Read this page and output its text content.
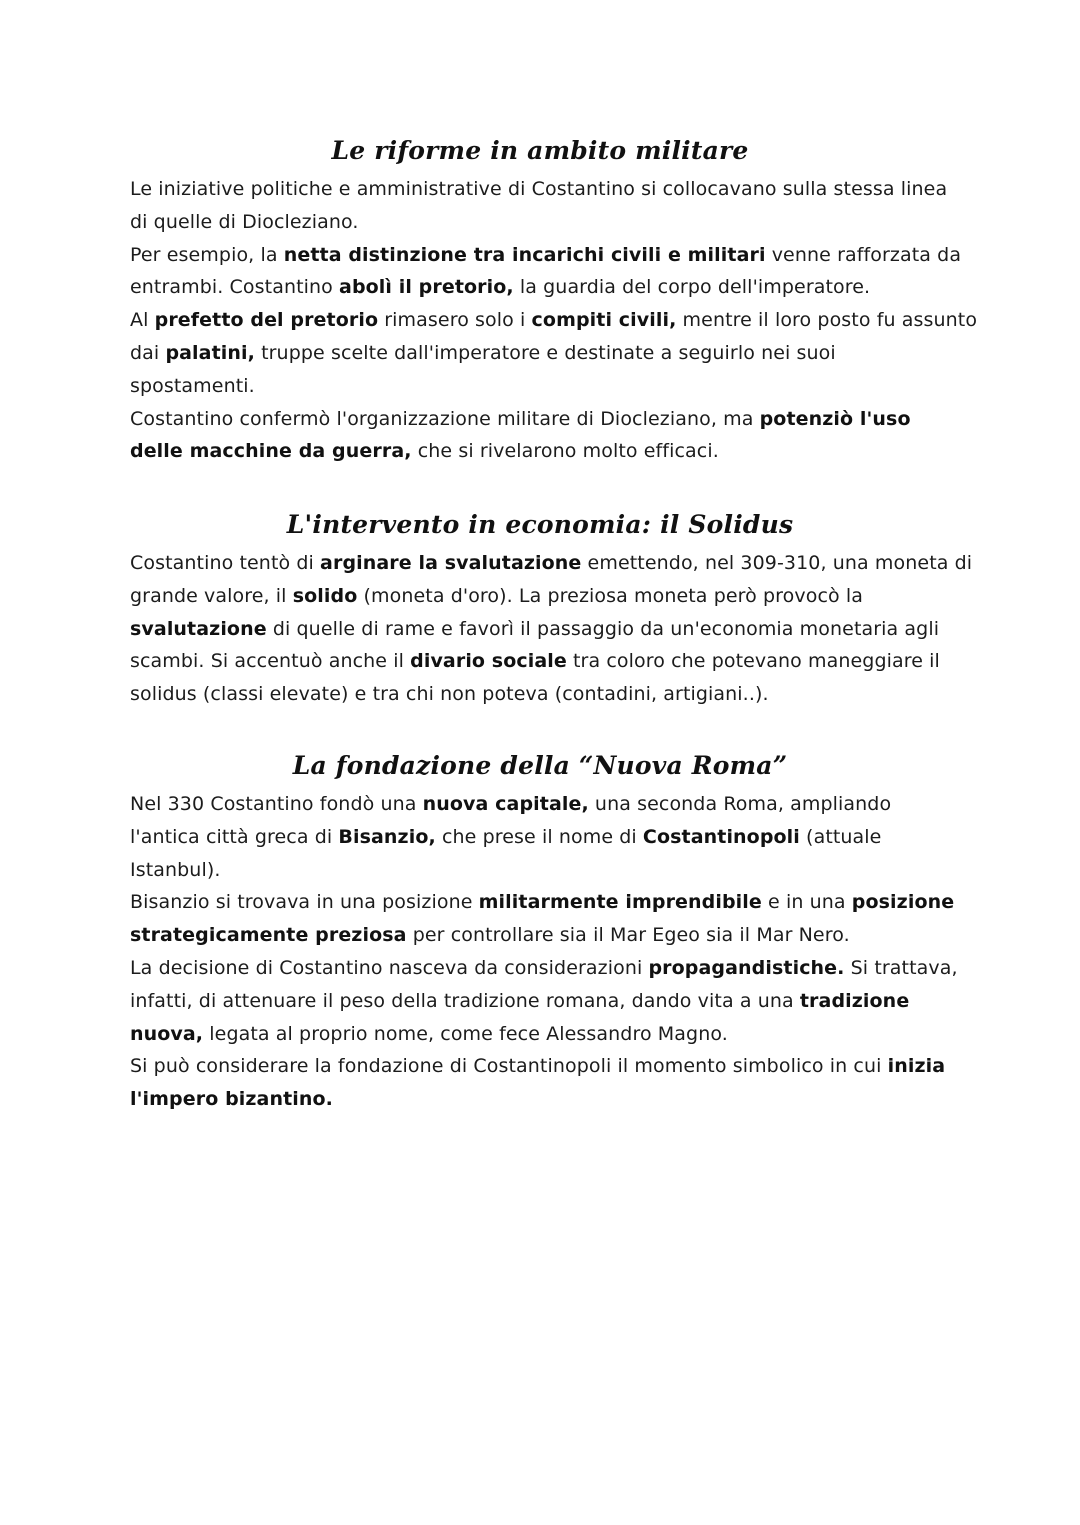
Le riforme in ambito militare

Le iniziative politiche e amministrative di Costantino si collocavano sulla stessa linea
di quelle di Diocleziano.
Per esempio, la netta distinzione tra incarichi civili e militari venne rafforzata da
entrambi. Costantino abolì il pretorio, la guardia del corpo dell'imperatore.
Al prefetto del pretorio rimasero solo i compiti civili, mentre il loro posto fu assunto
dai palatini, truppe scelte dall'imperatore e destinate a seguirlo nei suoi
spostamenti.
Costantino confermò l'organizzazione militare di Diocleziano, ma potenziò l'uso
delle macchine da guerra, che si rivelarono molto efficaci.

L'intervento in economia: il Solidus

Costantino tentò di arginare la svalutazione emettendo, nel 309-310, una moneta di
grande valore, il solido (moneta d'oro). La preziosa moneta però provocò la
svalutazione di quelle di rame e favorì il passaggio da un'economia monetaria agli
scambi. Si accentuò anche il divario sociale tra coloro che potevano maneggiare il
solidus (classi elevate) e tra chi non poteva (contadini, artigiani..).

La fondazione della “Nuova Roma”

Nel 330 Costantino fondò una nuova capitale, una seconda Roma, ampliando
l'antica città greca di Bisanzio, che prese il nome di Costantinopoli (attuale
Istanbul).
Bisanzio si trovava in una posizione militarmente imprendibile e in una posizione
strategicamente preziosa per controllare sia il Mar Egeo sia il Mar Nero.
La decisione di Costantino nasceva da considerazioni propagandistiche. Si trattava,
infatti, di attenuare il peso della tradizione romana, dando vita a una tradizione
nuova, legata al proprio nome, come fece Alessandro Magno.
Si può considerare la fondazione di Costantinopoli il momento simbolico in cui inizia
l'impero bizantino.
